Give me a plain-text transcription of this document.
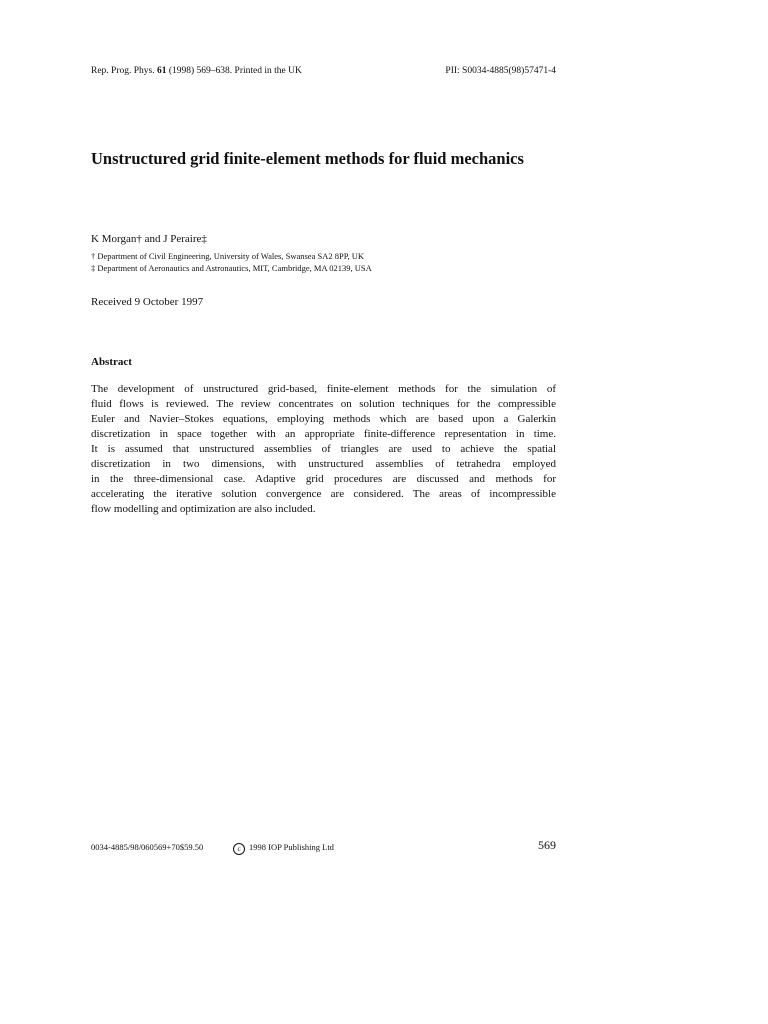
Rep. Prog. Phys. 61 (1998) 569–638. Printed in the UK	PII: S0034-4885(98)57471-4
Unstructured grid finite-element methods for fluid mechanics
K Morgan† and J Peraire‡
† Department of Civil Engineering, University of Wales, Swansea SA2 8PP, UK
‡ Department of Aeronautics and Astronautics, MIT, Cambridge, MA 02139, USA
Received 9 October 1997
Abstract
The development of unstructured grid-based, finite-element methods for the simulation of
fluid flows is reviewed. The review concentrates on solution techniques for the compressible
Euler and Navier–Stokes equations, employing methods which are based upon a Galerkin
discretization in space together with an appropriate finite-difference representation in time.
It is assumed that unstructured assemblies of triangles are used to achieve the spatial
discretization in two dimensions, with unstructured assemblies of tetrahedra employed
in the three-dimensional case. Adaptive grid procedures are discussed and methods for
accelerating the iterative solution convergence are considered. The areas of incompressible
flow modelling and optimization are also included.
0034-4885/98/060569+70$59.50	c 1998 IOP Publishing Ltd	569
